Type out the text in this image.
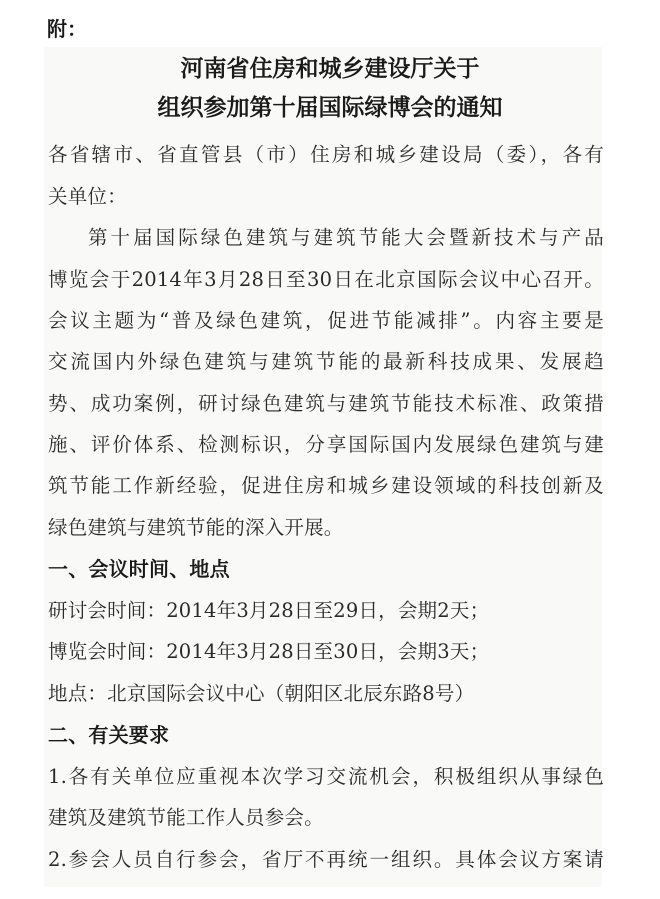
附：
河南省住房和城乡建设厅关于
组织参加第十届国际绿博会的通知
各省辖市、省直管县（市）住房和城乡建设局（委），各有
关单位：
第十届国际绿色建筑与建筑节能大会暨新技术与产品
博览会于2014年3月28日至30日在北京国际会议中心召开。
会议主题为“普及绿色建筑，促进节能减排”。内容主要是
交流国内外绿色建筑与建筑节能的最新科技成果、发展趋
势、成功案例，研讨绿色建筑与建筑节能技术标准、政策措
施、评价体系、检测标识，分享国际国内发展绿色建筑与建
筑节能工作新经验，促进住房和城乡建设领域的科技创新及
绿色建筑与建筑节能的深入开展。
一、会议时间、地点
研讨会时间：2014年3月28日至29日，会期2天；
博览会时间：2014年3月28日至30日，会期3天；
地点：北京国际会议中心（朝阳区北辰东路8号）
二、有关要求
1.各有关单位应重视本次学习交流机会，积极组织从事绿色
建筑及建筑节能工作人员参会。
2.参会人员自行参会，省厅不再统一组织。具体会议方案请
